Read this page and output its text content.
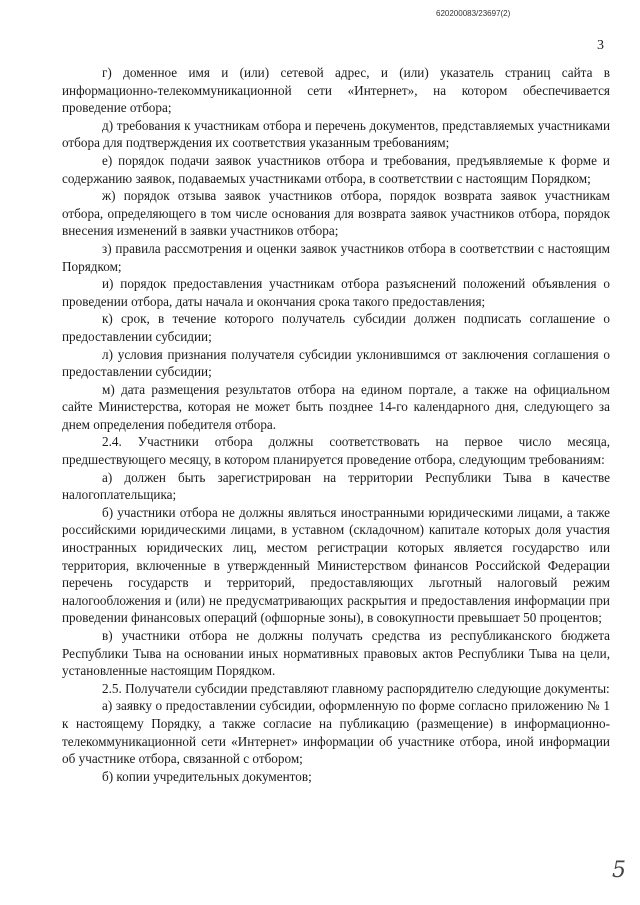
620200083/23697(2)
3

г) доменное имя и (или) сетевой адрес, и (или) указатель страниц сайта в информационно-телекоммуникационной сети «Интернет», на котором обеспечивается проведение отбора;

д) требования к участникам отбора и перечень документов, представляемых участниками отбора для подтверждения их соответствия указанным требованиям;

е) порядок подачи заявок участников отбора и требования, предъявляемые к форме и содержанию заявок, подаваемых участниками отбора, в соответствии с настоящим Порядком;

ж) порядок отзыва заявок участников отбора, порядок возврата заявок участникам отбора, определяющего в том числе основания для возврата заявок участников отбора, порядок внесения изменений в заявки участников отбора;

з) правила рассмотрения и оценки заявок участников отбора в соответствии с настоящим Порядком;

и) порядок предоставления участникам отбора разъяснений положений объявления о проведении отбора, даты начала и окончания срока такого предоставления;

к) срок, в течение которого получатель субсидии должен подписать соглашение о предоставлении субсидии;

л) условия признания получателя субсидии уклонившимся от заключения соглашения о предоставлении субсидии;

м) дата размещения результатов отбора на едином портале, а также на официальном сайте Министерства, которая не может быть позднее 14-го календарного дня, следующего за днем определения победителя отбора.

2.4. Участники отбора должны соответствовать на первое число месяца, предшествующего месяцу, в котором планируется проведение отбора, следующим требованиям:

а) должен быть зарегистрирован на территории Республики Тыва в качестве налогоплательщика;

б) участники отбора не должны являться иностранными юридическими лицами, а также российскими юридическими лицами, в уставном (складочном) капитале которых доля участия иностранных юридических лиц, местом регистрации которых является государство или территория, включенные в утвержденный Министерством финансов Российской Федерации перечень государств и территорий, предоставляющих льготный налоговый режим налогообложения и (или) не предусматривающих раскрытия и предоставления информации при проведении финансовых операций (офшорные зоны), в совокупности превышает 50 процентов;

в) участники отбора не должны получать средства из республиканского бюджета Республики Тыва на основании иных нормативных правовых актов Республики Тыва на цели, установленные настоящим Порядком.

2.5. Получатели субсидии представляют главному распорядителю следующие документы:

а) заявку о предоставлении субсидии, оформленную по форме согласно приложению № 1 к настоящему Порядку, а также согласие на публикацию (размещение) в информационно-телекоммуникационной сети «Интернет» информации об участнике отбора, иной информации об участнике отбора, связанной с отбором;

б) копии учредительных документов;

5
